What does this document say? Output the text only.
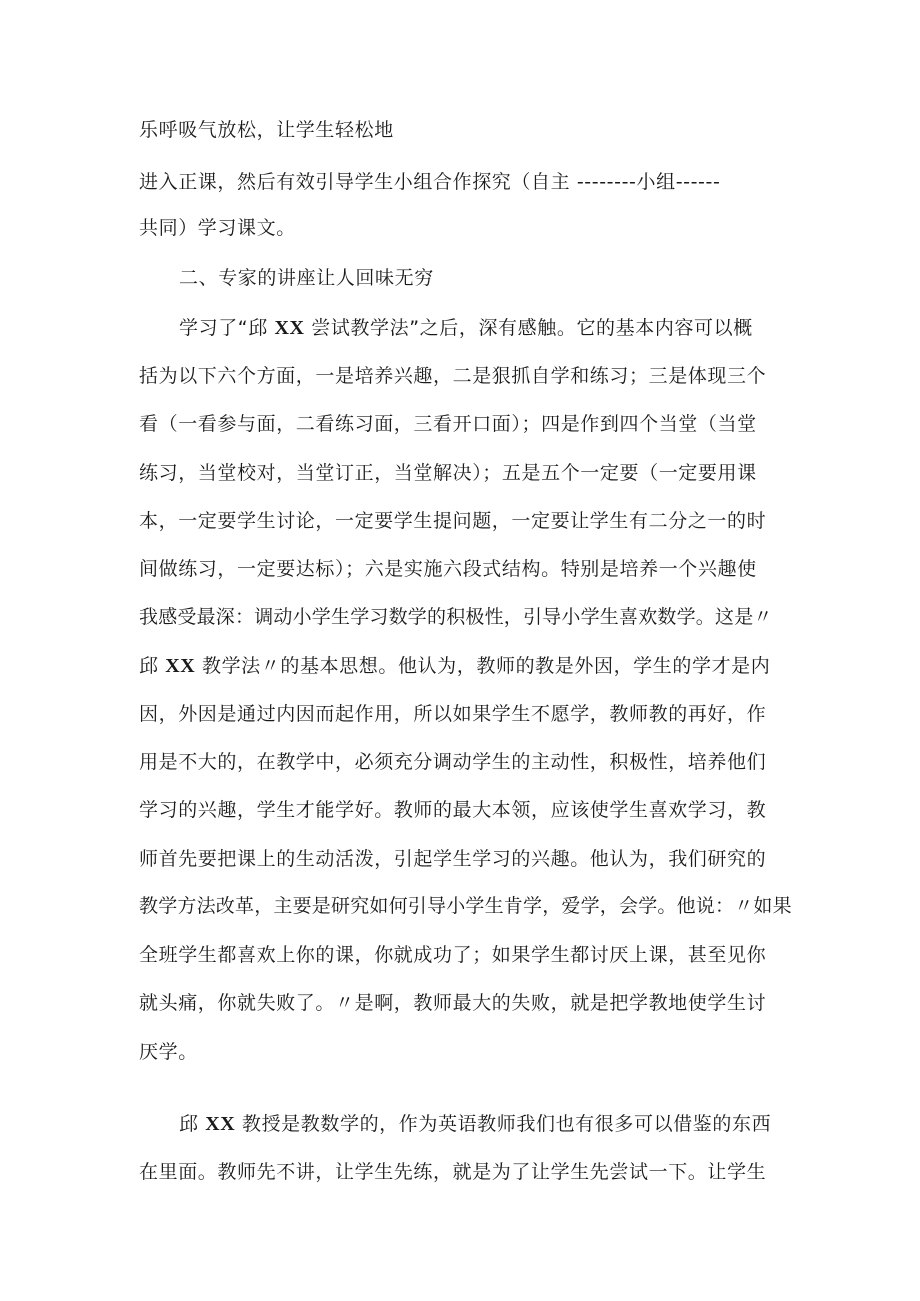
乐呼吸气放松，让学生轻松地
进入正课，然后有效引导学生小组合作探究（自主 --------小组------
共同）学习课文。
二、专家的讲座让人回味无穷
学习了“邱 XX 尝试教学法”之后，深有感触。它的基本内容可以概
括为以下六个方面，一是培养兴趣，二是狠抓自学和练习；三是体现三个
看（一看参与面，二看练习面，三看开口面）；四是作到四个当堂（当堂
练习，当堂校对，当堂订正，当堂解决）；五是五个一定要（一定要用课
本，一定要学生讨论，一定要学生提问题，一定要让学生有二分之一的时
间做练习，一定要达标）；六是实施六段式结构。特别是培养一个兴趣使
我感受最深：调动小学生学习数学的积极性，引导小学生喜欢数学。这是〃
邱 XX 教学法〃的基本思想。他认为，教师的教是外因，学生的学才是内
因，外因是通过内因而起作用，所以如果学生不愿学，教师教的再好，作
用是不大的，在教学中，必须充分调动学生的主动性，积极性，培养他们
学习的兴趣，学生才能学好。教师的最大本领，应该使学生喜欢学习，教
师首先要把课上的生动活泼，引起学生学习的兴趣。他认为，我们研究的
教学方法改革，主要是研究如何引导小学生肯学，爱学，会学。他说：〃如果
全班学生都喜欢上你的课，你就成功了；如果学生都讨厌上课，甚至见你
就头痛，你就失败了。〃是啊，教师最大的失败，就是把学教地使学生讨
厌学。
邱 XX 教授是教数学的，作为英语教师我们也有很多可以借鉴的东西
在里面。教师先不讲，让学生先练，就是为了让学生先尝试一下。让学生
